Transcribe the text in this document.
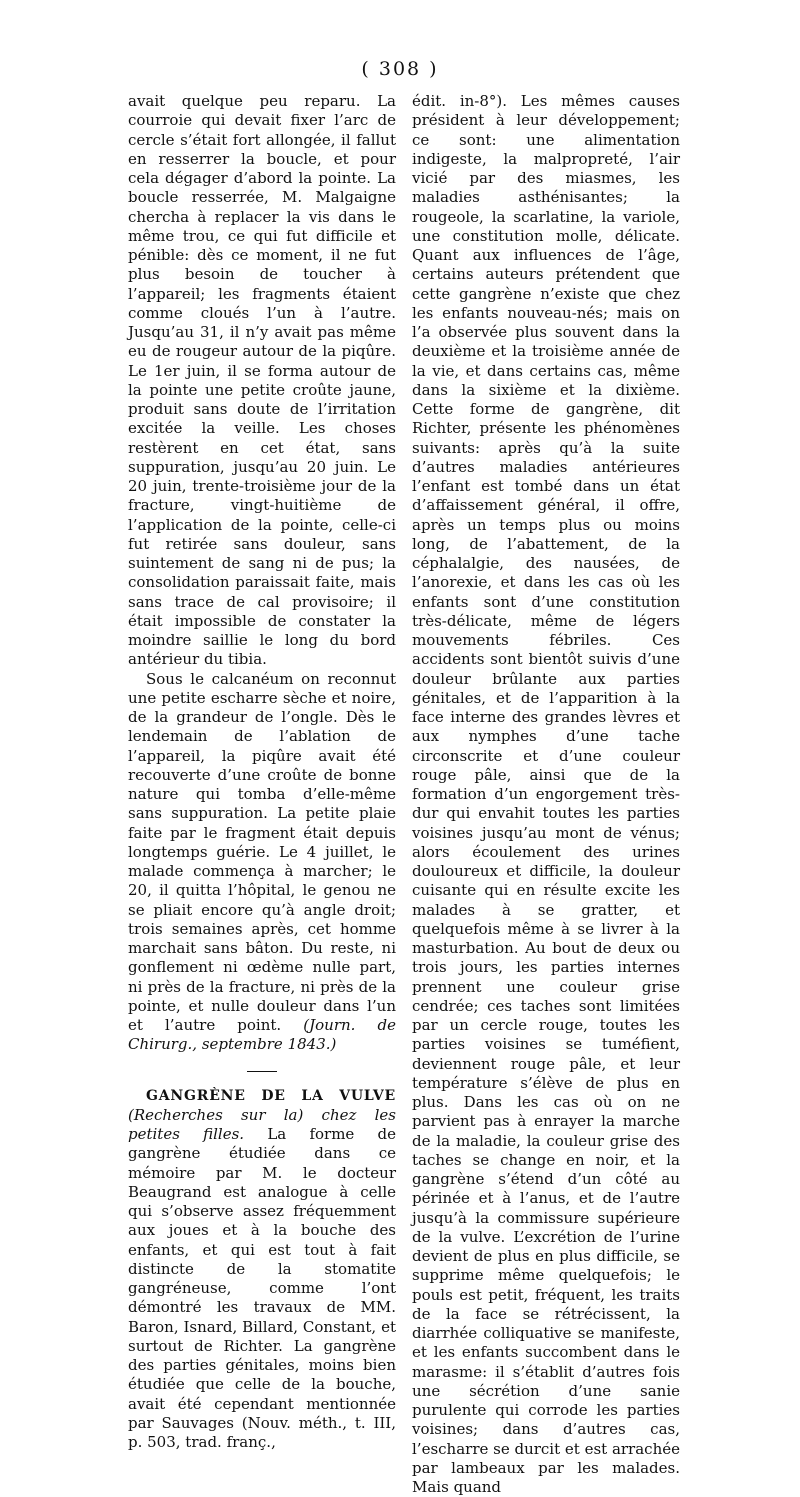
( 308 )

avait quelque peu reparu. La courroie qui devait fixer l’arc de cercle s’était fort allongée, il fallut en resserrer la boucle, et pour cela dégager d’abord la pointe. La boucle resserrée, M. Malgaigne chercha à replacer la vis dans le même trou, ce qui fut difficile et pénible: dès ce moment, il ne fut plus besoin de toucher à l’appareil; les fragments étaient comme cloués l’un à l’autre. Jusqu’au 31, il n’y avait pas même eu de rougeur autour de la piqûre. Le 1er juin, il se forma autour de la pointe une petite croûte jaune, produit sans doute de l’irritation excitée la veille. Les choses restèrent en cet état, sans suppuration, jusqu’au 20 juin. Le 20 juin, trente-troisième jour de la fracture, vingt-huitième de l’application de la pointe, celle-ci fut retirée sans douleur, sans suintement de sang ni de pus; la consolidation paraissait faite, mais sans trace de cal provisoire; il était impossible de constater la moindre saillie le long du bord antérieur du tibia.

Sous le calcanéum on reconnut une petite escharre sèche et noire, de la grandeur de l’ongle. Dès le lendemain de l’ablation de l’appareil, la piqûre avait été recouverte d’une croûte de bonne nature qui tomba d’elle-même sans suppuration. La petite plaie faite par le fragment était depuis longtemps guérie. Le 4 juillet, le malade commença à marcher; le 20, il quitta l’hôpital, le genou ne se pliait encore qu’à angle droit; trois semaines après, cet homme marchait sans bâton. Du reste, ni gonflement ni œdème nulle part, ni près de la fracture, ni près de la pointe, et nulle douleur dans l’un et l’autre point. (Journ. de Chirurg., septembre 1843.)

GANGRÈNE DE LA VULVE (Recherches sur la) chez les petites filles. La forme de gangrène étudiée dans ce mémoire par M. le docteur Beaugrand est analogue à celle qui s’observe assez fréquemment aux joues et à la bouche des enfants, et qui est tout à fait distincte de la stomatite gangréneuse, comme l’ont démontré les travaux de MM. Baron, Isnard, Billard, Constant, et surtout de Richter. La gangrène des parties génitales, moins bien étudiée que celle de la bouche, avait été cependant mentionnée par Sauvages (Nouv. méth., t. III, p. 503, trad. franç.,

édit. in-8°). Les mêmes causes président à leur développement; ce sont: une alimentation indigeste, la malpropreté, l’air vicié par des miasmes, les maladies asthénisantes; la rougeole, la scarlatine, la variole, une constitution molle, délicate. Quant aux influences de l’âge, certains auteurs prétendent que cette gangrène n’existe que chez les enfants nouveau-nés; mais on l’a observée plus souvent dans la deuxième et la troisième année de la vie, et dans certains cas, même dans la sixième et la dixième. Cette forme de gangrène, dit Richter, présente les phénomènes suivants: après qu’à la suite d’autres maladies antérieures l’enfant est tombé dans un état d’affaissement général, il offre, après un temps plus ou moins long, de l’abattement, de la céphalalgie, des nausées, de l’anorexie, et dans les cas où les enfants sont d’une constitution très-délicate, même de légers mouvements fébriles. Ces accidents sont bientôt suivis d’une douleur brûlante aux parties génitales, et de l’apparition à la face interne des grandes lèvres et aux nymphes d’une tache circonscrite et d’une couleur rouge pâle, ainsi que de la formation d’un engorgement très-dur qui envahit toutes les parties voisines jusqu’au mont de vénus; alors écoulement des urines douloureux et difficile, la douleur cuisante qui en résulte excite les malades à se gratter, et quelquefois même à se livrer à la masturbation. Au bout de deux ou trois jours, les parties internes prennent une couleur grise cendrée; ces taches sont limitées par un cercle rouge, toutes les parties voisines se tuméfient, deviennent rouge pâle, et leur température s’élève de plus en plus. Dans les cas où on ne parvient pas à enrayer la marche de la maladie, la couleur grise des taches se change en noir, et la gangrène s’étend d’un côté au périnée et à l’anus, et de l’autre jusqu’à la commissure supérieure de la vulve. L’excrétion de l’urine devient de plus en plus difficile, se supprime même quelquefois; le pouls est petit, fréquent, les traits de la face se rétrécissent, la diarrhée colliquative se manifeste, et les enfants succombent dans le marasme: il s’établit d’autres fois une sécrétion d’une sanie purulente qui corrode les parties voisines; dans d’autres cas, l’escharre se durcit et est arrachée par lambeaux par les malades. Mais quand
